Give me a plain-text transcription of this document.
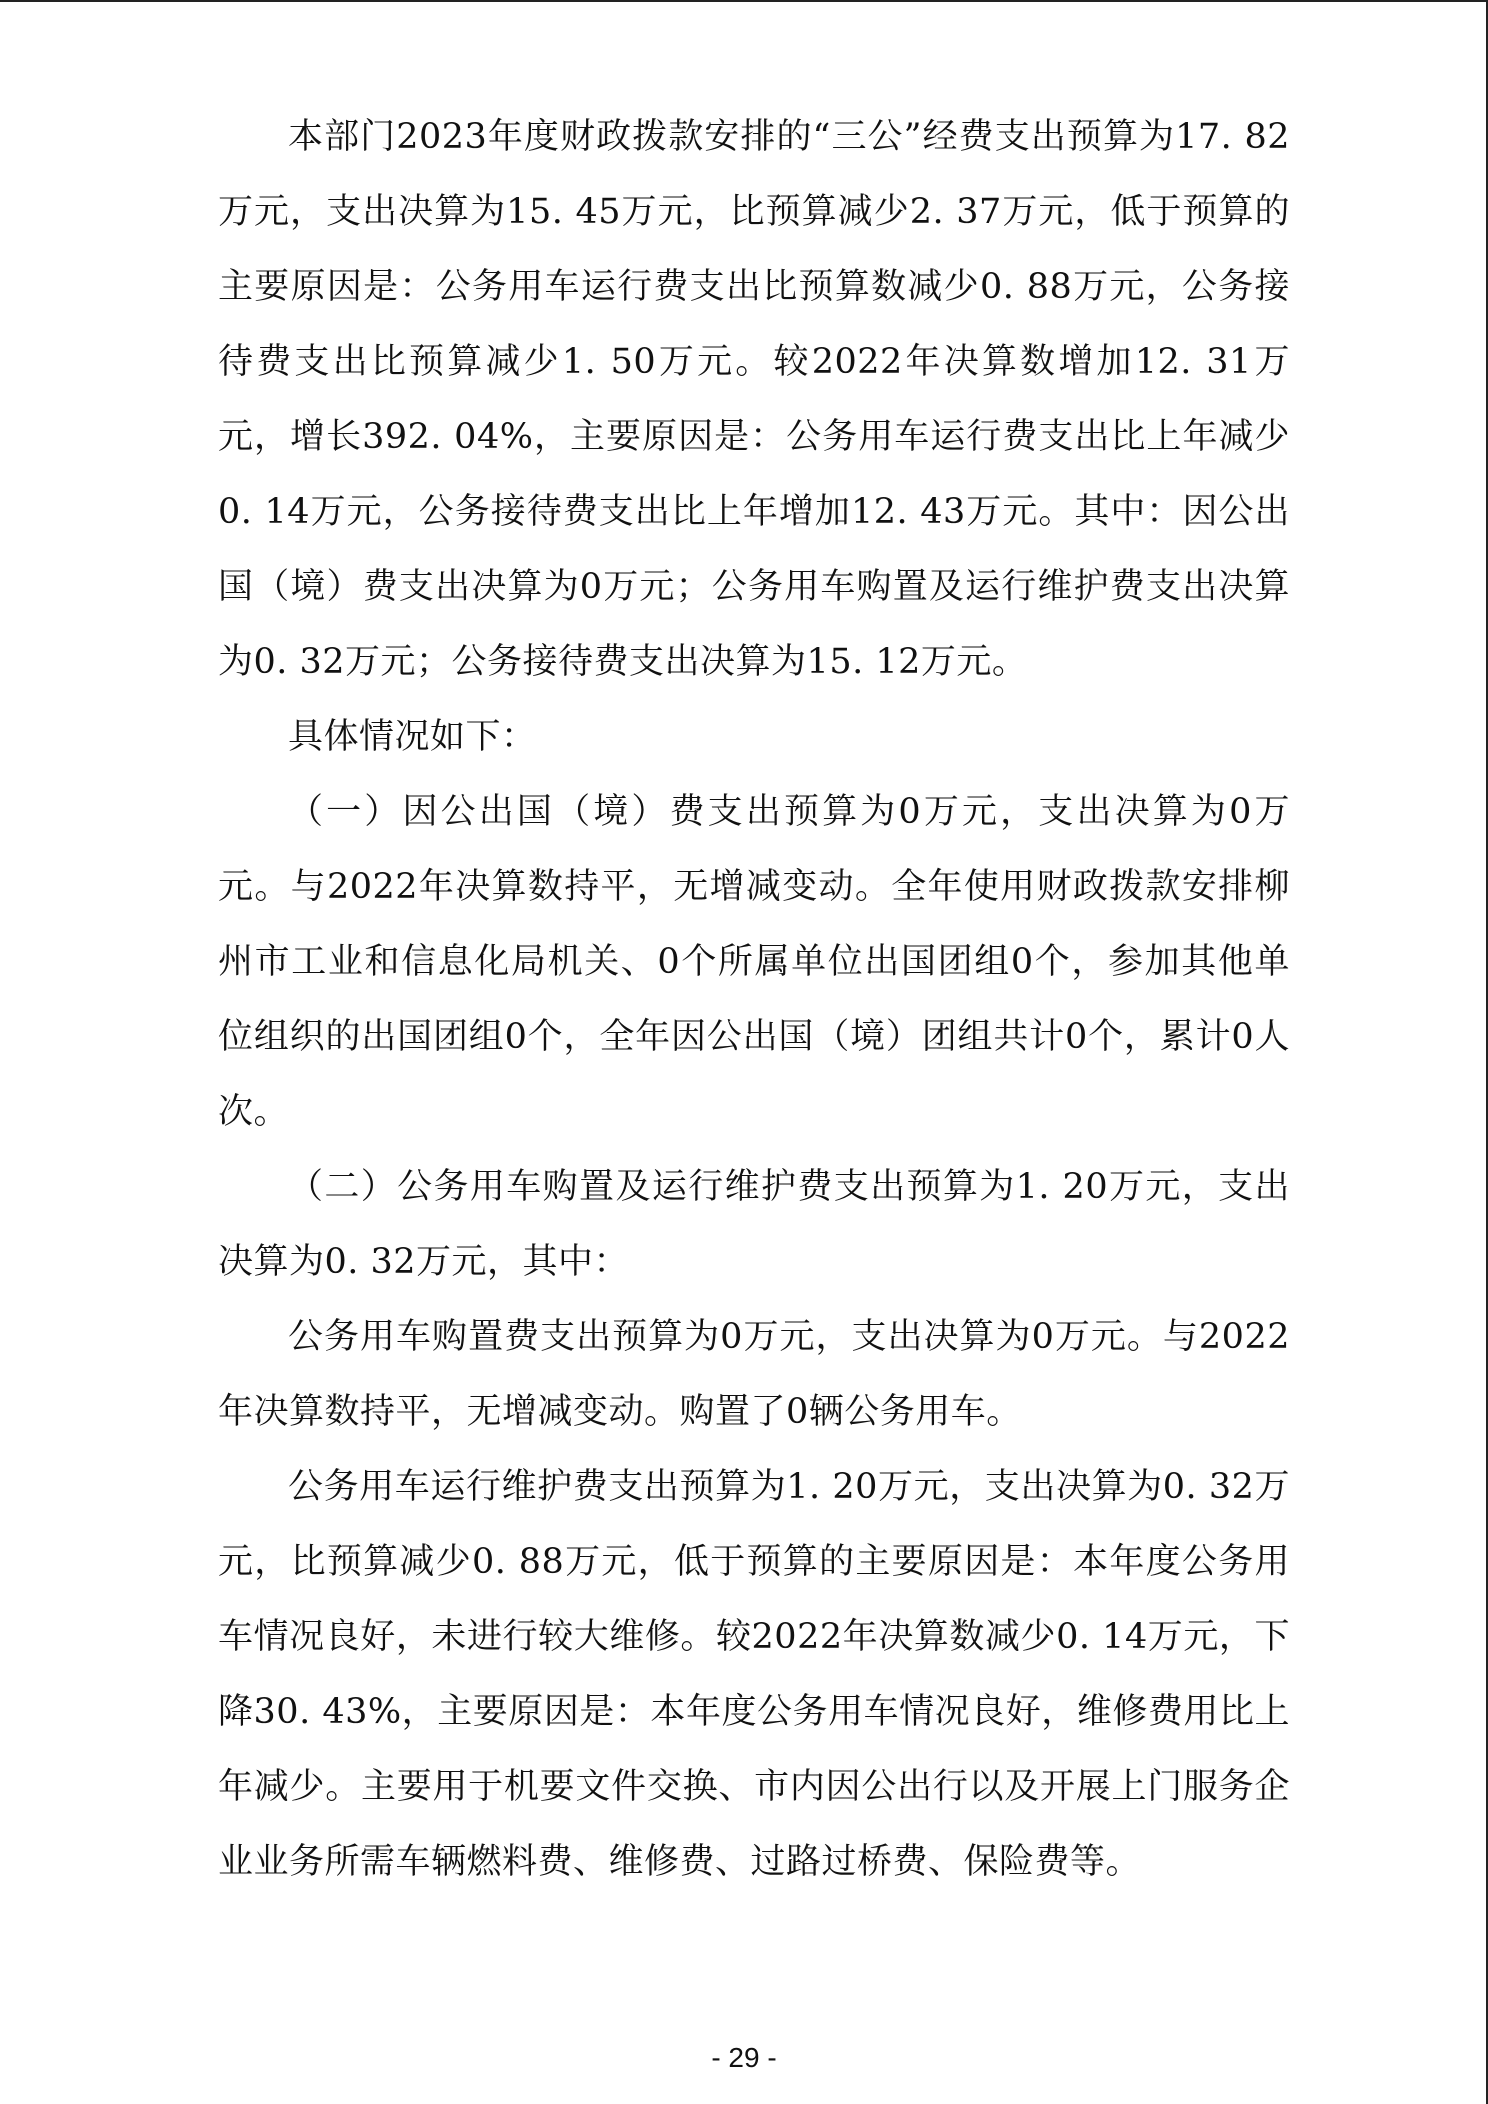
本部门2023年度财政拨款安排的“三公”经费支出预算为17. 82万元，支出决算为15. 45万元，比预算减少2. 37万元，低于预算的主要原因是：公务用车运行费支出比预算数减少0. 88万元，公务接待费支出比预算减少1. 50万元。较2022年决算数增加12. 31万元，增长392. 04%，主要原因是：公务用车运行费支出比上年减少0. 14万元，公务接待费支出比上年增加12. 43万元。其中：因公出国（境）费支出决算为0万元；公务用车购置及运行维护费支出决算为0. 32万元；公务接待费支出决算为15. 12万元。

具体情况如下：

（一）因公出国（境）费支出预算为0万元，支出决算为0万元。与2022年决算数持平，无增减变动。全年使用财政拨款安排柳州市工业和信息化局机关、0个所属单位出国团组0个，参加其他单位组织的出国团组0个，全年因公出国（境）团组共计0个，累计0人次。

（二）公务用车购置及运行维护费支出预算为1. 20万元，支出决算为0. 32万元，其中：

公务用车购置费支出预算为0万元，支出决算为0万元。与2022年决算数持平，无增减变动。购置了0辆公务用车。

公务用车运行维护费支出预算为1. 20万元，支出决算为0. 32万元，比预算减少0. 88万元，低于预算的主要原因是：本年度公务用车情况良好，未进行较大维修。较2022年决算数减少0. 14万元，下降30. 43%，主要原因是：本年度公务用车情况良好，维修费用比上年减少。主要用于机要文件交换、市内因公出行以及开展上门服务企业业务所需车辆燃料费、维修费、过路过桥费、保险费等。

- 29 -
